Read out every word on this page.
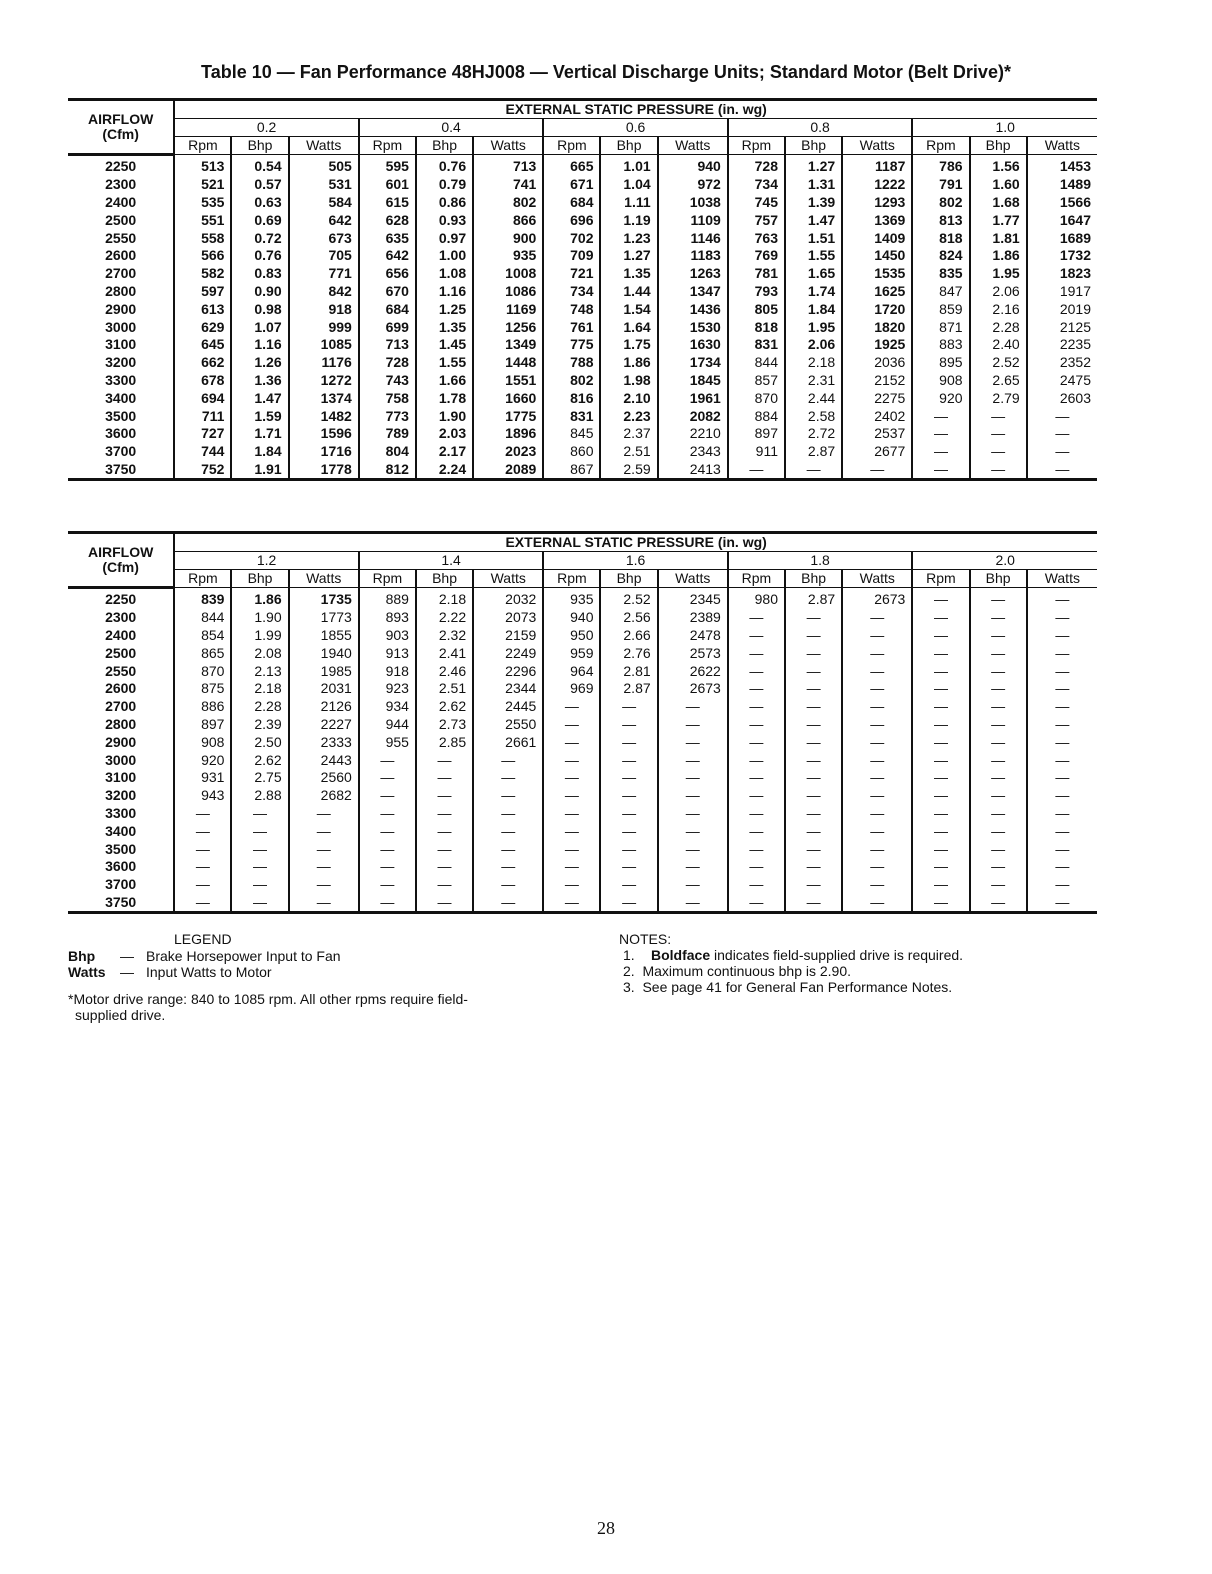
Table 10 — Fan Performance 48HJ008 — Vertical Discharge Units; Standard Motor (Belt Drive)*
AIRFLOW
(Cfm)	EXTERNAL STATIC PRESSURE (in. wg)														
	0.2			0.4			0.6			0.8			1.0		
	Rpm	Bhp	Watts	Rpm	Bhp	Watts	Rpm	Bhp	Watts	Rpm	Bhp	Watts	Rpm	Bhp	Watts
2250	513	0.54	505	595	0.76	713	665	1.01	940	728	1.27	1187	786	1.56	1453
2300	521	0.57	531	601	0.79	741	671	1.04	972	734	1.31	1222	791	1.60	1489
2400	535	0.63	584	615	0.86	802	684	1.11	1038	745	1.39	1293	802	1.68	1566
2500	551	0.69	642	628	0.93	866	696	1.19	1109	757	1.47	1369	813	1.77	1647
2550	558	0.72	673	635	0.97	900	702	1.23	1146	763	1.51	1409	818	1.81	1689
2600	566	0.76	705	642	1.00	935	709	1.27	1183	769	1.55	1450	824	1.86	1732
2700	582	0.83	771	656	1.08	1008	721	1.35	1263	781	1.65	1535	835	1.95	1823
2800	597	0.90	842	670	1.16	1086	734	1.44	1347	793	1.74	1625	847	2.06	1917
2900	613	0.98	918	684	1.25	1169	748	1.54	1436	805	1.84	1720	859	2.16	2019
3000	629	1.07	999	699	1.35	1256	761	1.64	1530	818	1.95	1820	871	2.28	2125
3100	645	1.16	1085	713	1.45	1349	775	1.75	1630	831	2.06	1925	883	2.40	2235
3200	662	1.26	1176	728	1.55	1448	788	1.86	1734	844	2.18	2036	895	2.52	2352
3300	678	1.36	1272	743	1.66	1551	802	1.98	1845	857	2.31	2152	908	2.65	2475
3400	694	1.47	1374	758	1.78	1660	816	2.10	1961	870	2.44	2275	920	2.79	2603
3500	711	1.59	1482	773	1.90	1775	831	2.23	2082	884	2.58	2402	—	—	—
3600	727	1.71	1596	789	2.03	1896	845	2.37	2210	897	2.72	2537	—	—	—
3700	744	1.84	1716	804	2.17	2023	860	2.51	2343	911	2.87	2677	—	—	—
3750	752	1.91	1778	812	2.24	2089	867	2.59	2413	—	—	—	—	—	—
AIRFLOW
(Cfm)	EXTERNAL STATIC PRESSURE (in. wg)														
	1.2			1.4			1.6			1.8			2.0		
	Rpm	Bhp	Watts	Rpm	Bhp	Watts	Rpm	Bhp	Watts	Rpm	Bhp	Watts	Rpm	Bhp	Watts
2250	839	1.86	1735	889	2.18	2032	935	2.52	2345	980	2.87	2673	—	—	—
2300	844	1.90	1773	893	2.22	2073	940	2.56	2389	—	—	—	—	—	—
2400	854	1.99	1855	903	2.32	2159	950	2.66	2478	—	—	—	—	—	—
2500	865	2.08	1940	913	2.41	2249	959	2.76	2573	—	—	—	—	—	—
2550	870	2.13	1985	918	2.46	2296	964	2.81	2622	—	—	—	—	—	—
2600	875	2.18	2031	923	2.51	2344	969	2.87	2673	—	—	—	—	—	—
2700	886	2.28	2126	934	2.62	2445	—	—	—	—	—	—	—	—	—
2800	897	2.39	2227	944	2.73	2550	—	—	—	—	—	—	—	—	—
2900	908	2.50	2333	955	2.85	2661	—	—	—	—	—	—	—	—	—
3000	920	2.62	2443	—	—	—	—	—	—	—	—	—	—	—	—
3100	931	2.75	2560	—	—	—	—	—	—	—	—	—	—	—	—
3200	943	2.88	2682	—	—	—	—	—	—	—	—	—	—	—	—
3300	—	—	—	—	—	—	—	—	—	—	—	—	—	—	—
3400	—	—	—	—	—	—	—	—	—	—	—	—	—	—	—
3500	—	—	—	—	—	—	—	—	—	—	—	—	—	—	—
3600	—	—	—	—	—	—	—	—	—	—	—	—	—	—	—
3700	—	—	—	—	—	—	—	—	—	—	—	—	—	—	—
3750	—	—	—	—	—	—	—	—	—	—	—	—	—	—	—
LEGEND
Bhp — Brake Horsepower Input to Fan
Watts — Input Watts to Motor
*Motor drive range: 840 to 1085 rpm. All other rpms require field-
supplied drive.
NOTES:
1. Boldface indicates field-supplied drive is required.
2.  Maximum continuous bhp is 2.90.
3.  See page 41 for General Fan Performance Notes.
28
